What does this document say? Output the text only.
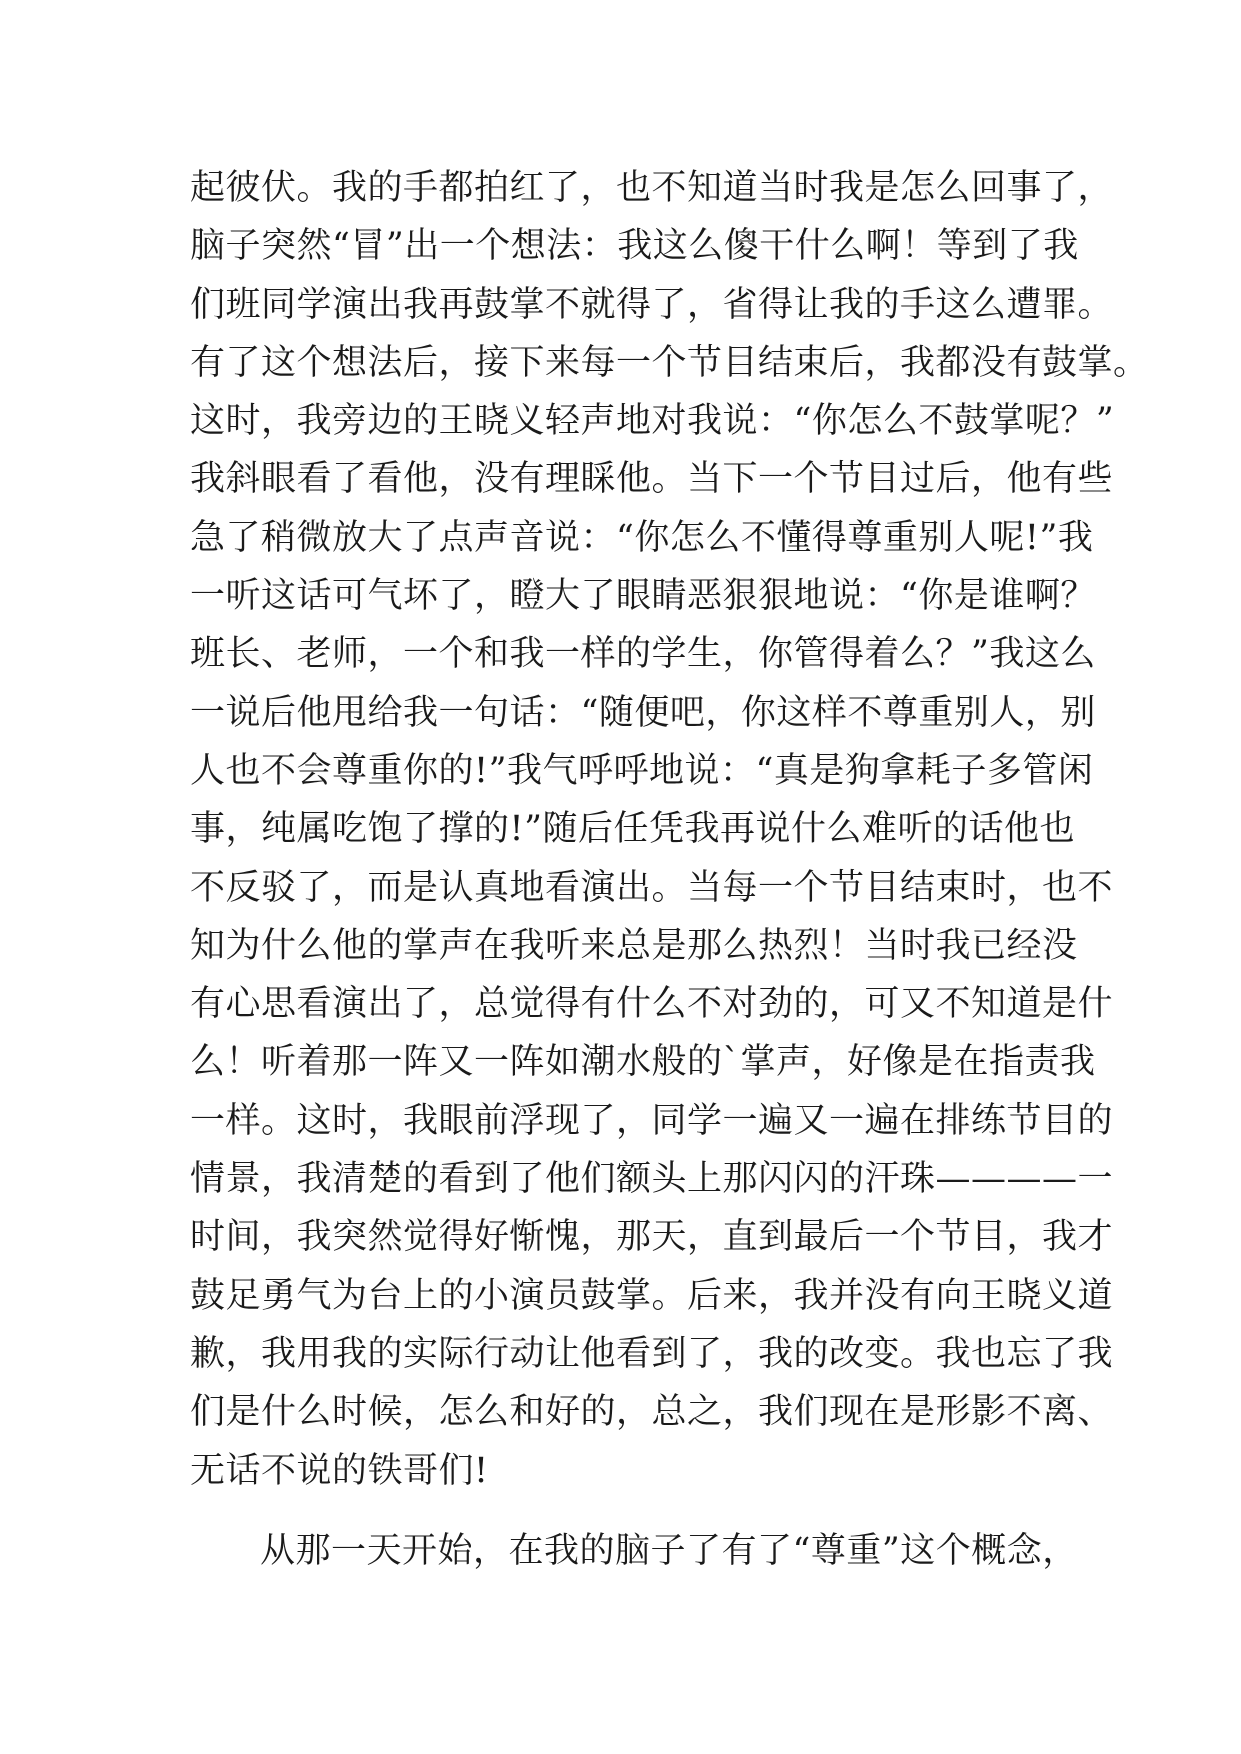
起彼伏。我的手都拍红了，也不知道当时我是怎么回事了，
脑子突然“冒”出一个想法：我这么傻干什么啊！等到了我
们班同学演出我再鼓掌不就得了，省得让我的手这么遭罪。
有了这个想法后，接下来每一个节目结束后，我都没有鼓掌。
这时，我旁边的王晓义轻声地对我说：“你怎么不鼓掌呢？”
我斜眼看了看他，没有理睬他。当下一个节目过后，他有些
急了稍微放大了点声音说：“你怎么不懂得尊重别人呢!”我
一听这话可气坏了，瞪大了眼睛恶狠狠地说：“你是谁啊？
班长、老师，一个和我一样的学生，你管得着么？”我这么
一说后他甩给我一句话：“随便吧，你这样不尊重别人，别
人也不会尊重你的!”我气呼呼地说：“真是狗拿耗子多管闲
事，纯属吃饱了撑的!”随后任凭我再说什么难听的话他也
不反驳了，而是认真地看演出。当每一个节目结束时，也不
知为什么他的掌声在我听来总是那么热烈！当时我已经没
有心思看演出了，总觉得有什么不对劲的，可又不知道是什
么！听着那一阵又一阵如潮水般的`掌声，好像是在指责我
一样。这时，我眼前浮现了，同学一遍又一遍在排练节目的
情景，我清楚的看到了他们额头上那闪闪的汗珠————一
时间，我突然觉得好惭愧，那天，直到最后一个节目，我才
鼓足勇气为台上的小演员鼓掌。后来，我并没有向王晓义道
歉，我用我的实际行动让他看到了，我的改变。我也忘了我
们是什么时候，怎么和好的，总之，我们现在是形影不离、
无话不说的铁哥们!
从那一天开始，在我的脑子了有了“尊重”这个概念，
